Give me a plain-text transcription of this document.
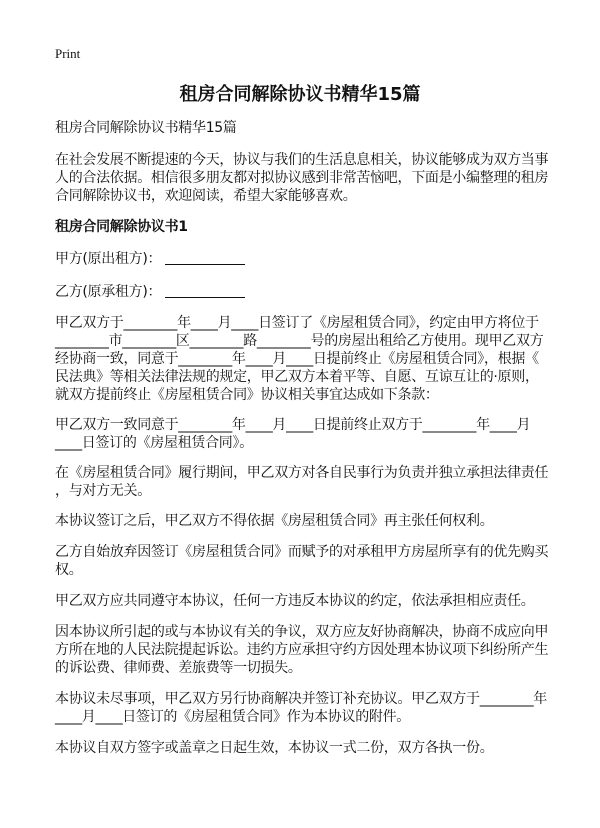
Print
租房合同解除协议书精华15篇
租房合同解除协议书精华15篇
在社会发展不断提速的今天，协议与我们的生活息息相关，协议能够成为双方当事
人的合法依据。相信很多朋友都对拟协议感到非常苦恼吧，下面是小编整理的租房
合同解除协议书，欢迎阅读，希望大家能够喜欢。
租房合同解除协议书1
甲方(原出租方)：
乙方(原承租方)：
甲乙双方于________年____月____日签订了《房屋租赁合同》，约定由甲方将位于
________市________区________路________号的房屋出租给乙方使用。现甲乙双方
经协商一致，同意于________年____月____日提前终止《房屋租赁合同》，根据《
民法典》等相关法律法规的规定，甲乙双方本着平等、自愿、互谅互让的·原则，
就双方提前终止《房屋租赁合同》协议相关事宜达成如下条款：
甲乙双方一致同意于________年____月____日提前终止双方于________年____月
____日签订的《房屋租赁合同》。
在《房屋租赁合同》履行期间，甲乙双方对各自民事行为负责并独立承担法律责任
，与对方无关。
本协议签订之后，甲乙双方不得依据《房屋租赁合同》再主张任何权利。
乙方自始放弃因签订《房屋租赁合同》而赋予的对承租甲方房屋所享有的优先购买
权。
甲乙双方应共同遵守本协议，任何一方违反本协议的约定，依法承担相应责任。
因本协议所引起的或与本协议有关的争议，双方应友好协商解决，协商不成应向甲
方所在地的人民法院提起诉讼。违约方应承担守约方因处理本协议项下纠纷所产生
的诉讼费、律师费、差旅费等一切损失。
本协议未尽事项，甲乙双方另行协商解决并签订补充协议。甲乙双方于________年
____月____日签订的《房屋租赁合同》作为本协议的附件。
本协议自双方签字或盖章之日起生效，本协议一式二份，双方各执一份。
